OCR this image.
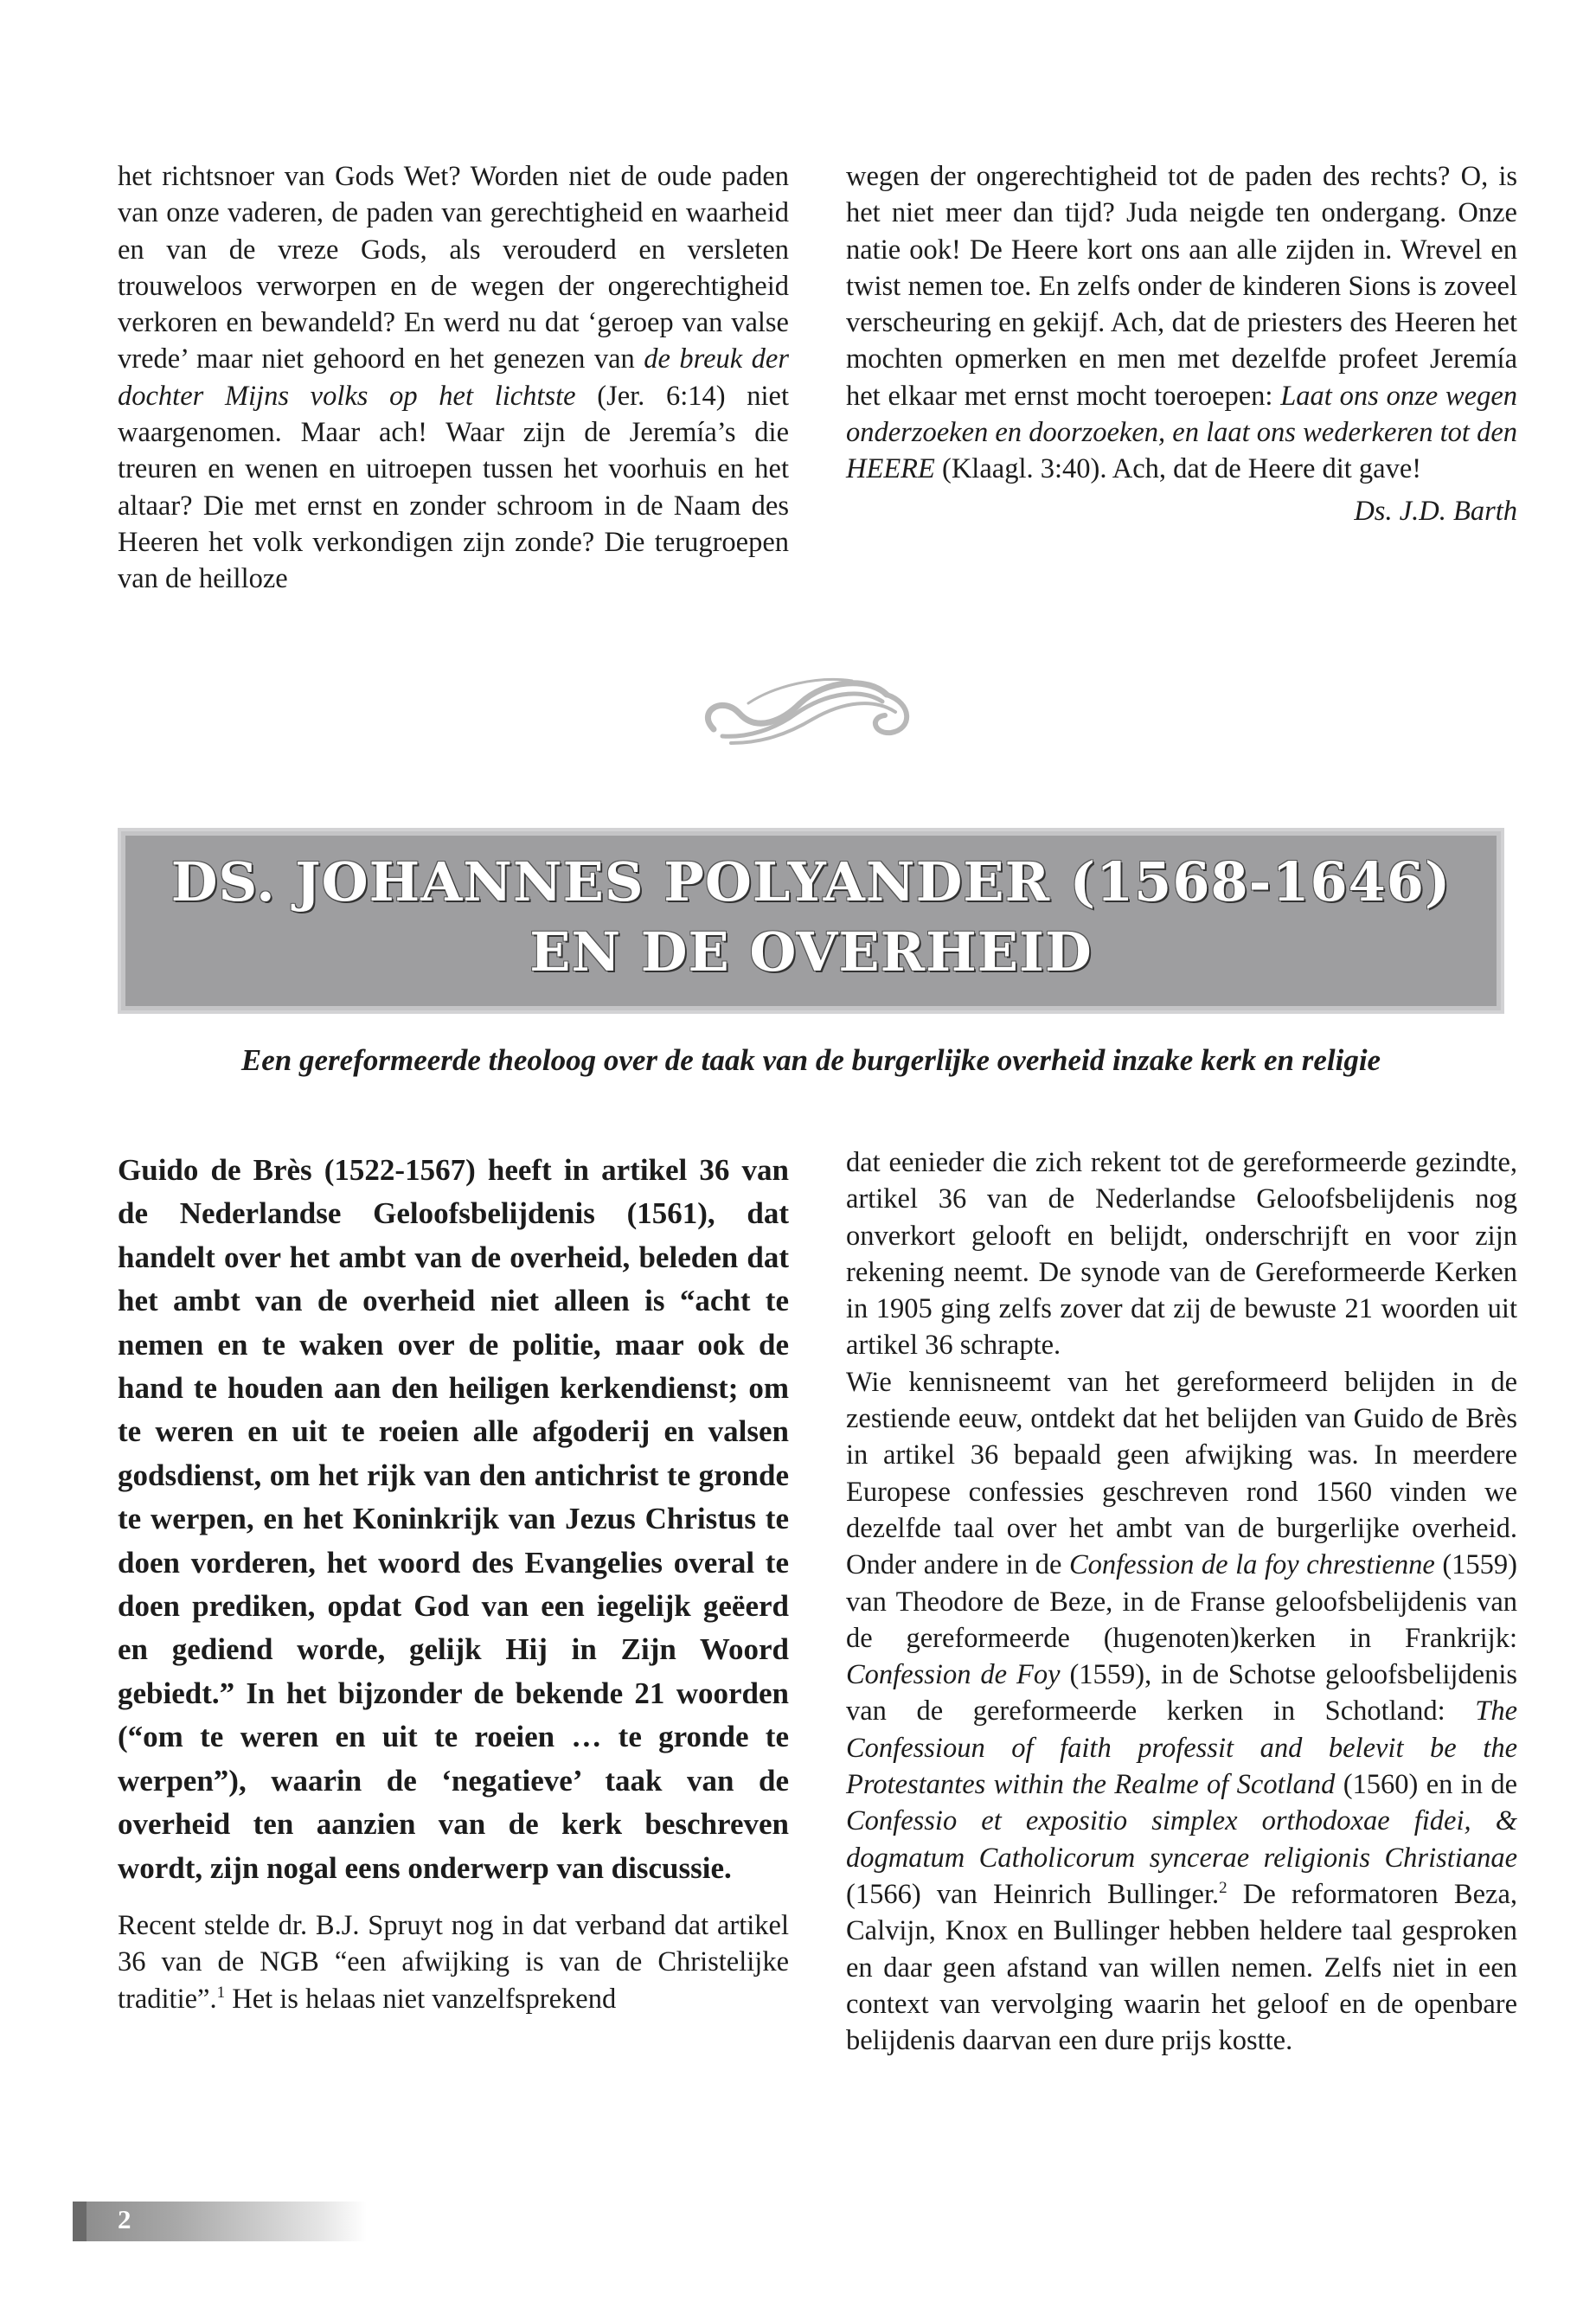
het richtsnoer van Gods Wet? Worden niet de oude paden van onze vaderen, de paden van gerechtigheid en waarheid en van de vreze Gods, als verouderd en versleten trouweloos verworpen en de wegen der ongerechtigheid verkoren en bewandeld? En werd nu dat ‘geroep van valse vrede’ maar niet gehoord en het genezen van de breuk der dochter Mijns volks op het lichtste (Jer. 6:14) niet waargenomen. Maar ach! Waar zijn de Jeremía’s die treuren en wenen en uitroepen tussen het voorhuis en het altaar? Die met ernst en zonder schroom in de Naam des Heeren het volk verkondigen zijn zonde? Die terugroepen van de heilloze

wegen der ongerechtigheid tot de paden des rechts? O, is het niet meer dan tijd? Juda neigde ten ondergang. Onze natie ook! De Heere kort ons aan alle zijden in. Wrevel en twist nemen toe. En zelfs onder de kinderen Sions is zoveel verscheuring en gekijf. Ach, dat de priesters des Heeren het mochten opmerken en men met dezelfde profeet Jeremía het elkaar met ernst mocht toeroepen: Laat ons onze wegen onderzoeken en doorzoeken, en laat ons wederkeren tot den HEERE (Klaagl. 3:40). Ach, dat de Heere dit gave!

Ds. J.D. Barth

DS. JOHANNES POLYANDER (1568-1646)
EN DE OVERHEID
Een gereformeerde theoloog over de taak van de burgerlijke overheid inzake kerk en religie

Guido de Brès (1522-1567) heeft in artikel 36 van de Nederlandse Geloofsbelijdenis (1561), dat handelt over het ambt van de overheid, beleden dat het ambt van de overheid niet alleen is “acht te nemen en te waken over de politie, maar ook de hand te houden aan den heiligen kerkendienst; om te weren en uit te roeien alle afgoderij en valsen godsdienst, om het rijk van den antichrist te gronde te werpen, en het Koninkrijk van Jezus Christus te doen vorderen, het woord des Evangelies overal te doen prediken, opdat God van een iegelijk geëerd en gediend worde, gelijk Hij in Zijn Woord gebiedt.” In het bijzonder de bekende 21 woorden (“om te weren en uit te roeien … te gronde te werpen”), waarin de ‘negatieve’ taak van de overheid ten aanzien van de kerk beschreven wordt, zijn nogal eens onderwerp van discussie.

Recent stelde dr. B.J. Spruyt nog in dat verband dat artikel 36 van de NGB “een afwijking is van de Christelijke traditie”.$^1$ Het is helaas niet vanzelfsprekend

dat eenieder die zich rekent tot de gereformeerde gezindte, artikel 36 van de Nederlandse Geloofsbelijdenis nog onverkort gelooft en belijdt, onderschrijft en voor zijn rekening neemt. De synode van de Gereformeerde Kerken in 1905 ging zelfs zover dat zij de bewuste 21 woorden uit artikel 36 schrapte.

Wie kennisneemt van het gereformeerd belijden in de zestiende eeuw, ontdekt dat het belijden van Guido de Brès in artikel 36 bepaald geen afwijking was. In meerdere Europese confessies geschreven rond 1560 vinden we dezelfde taal over het ambt van de burgerlijke overheid. Onder andere in de Confession de la foy chrestienne (1559) van Theodore de Beze, in de Franse geloofsbelijdenis van de gereformeerde (hugenoten)kerken in Frankrijk: Confession de Foy (1559), in de Schotse geloofsbelijdenis van de gereformeerde kerken in Schotland: The Confessioun of faith professit and belevit be the Protestantes within the Realme of Scotland (1560) en in de Confessio et expositio simplex orthodoxae fidei, & dogmatum Catholicorum syncerae religionis Christianae (1566) van Heinrich Bullinger.$^2$ De reformatoren Beza, Calvijn, Knox en Bullinger hebben heldere taal gesproken en daar geen afstand van willen nemen. Zelfs niet in een context van vervolging waarin het geloof en de openbare belijdenis daarvan een dure prijs kostte.

2
